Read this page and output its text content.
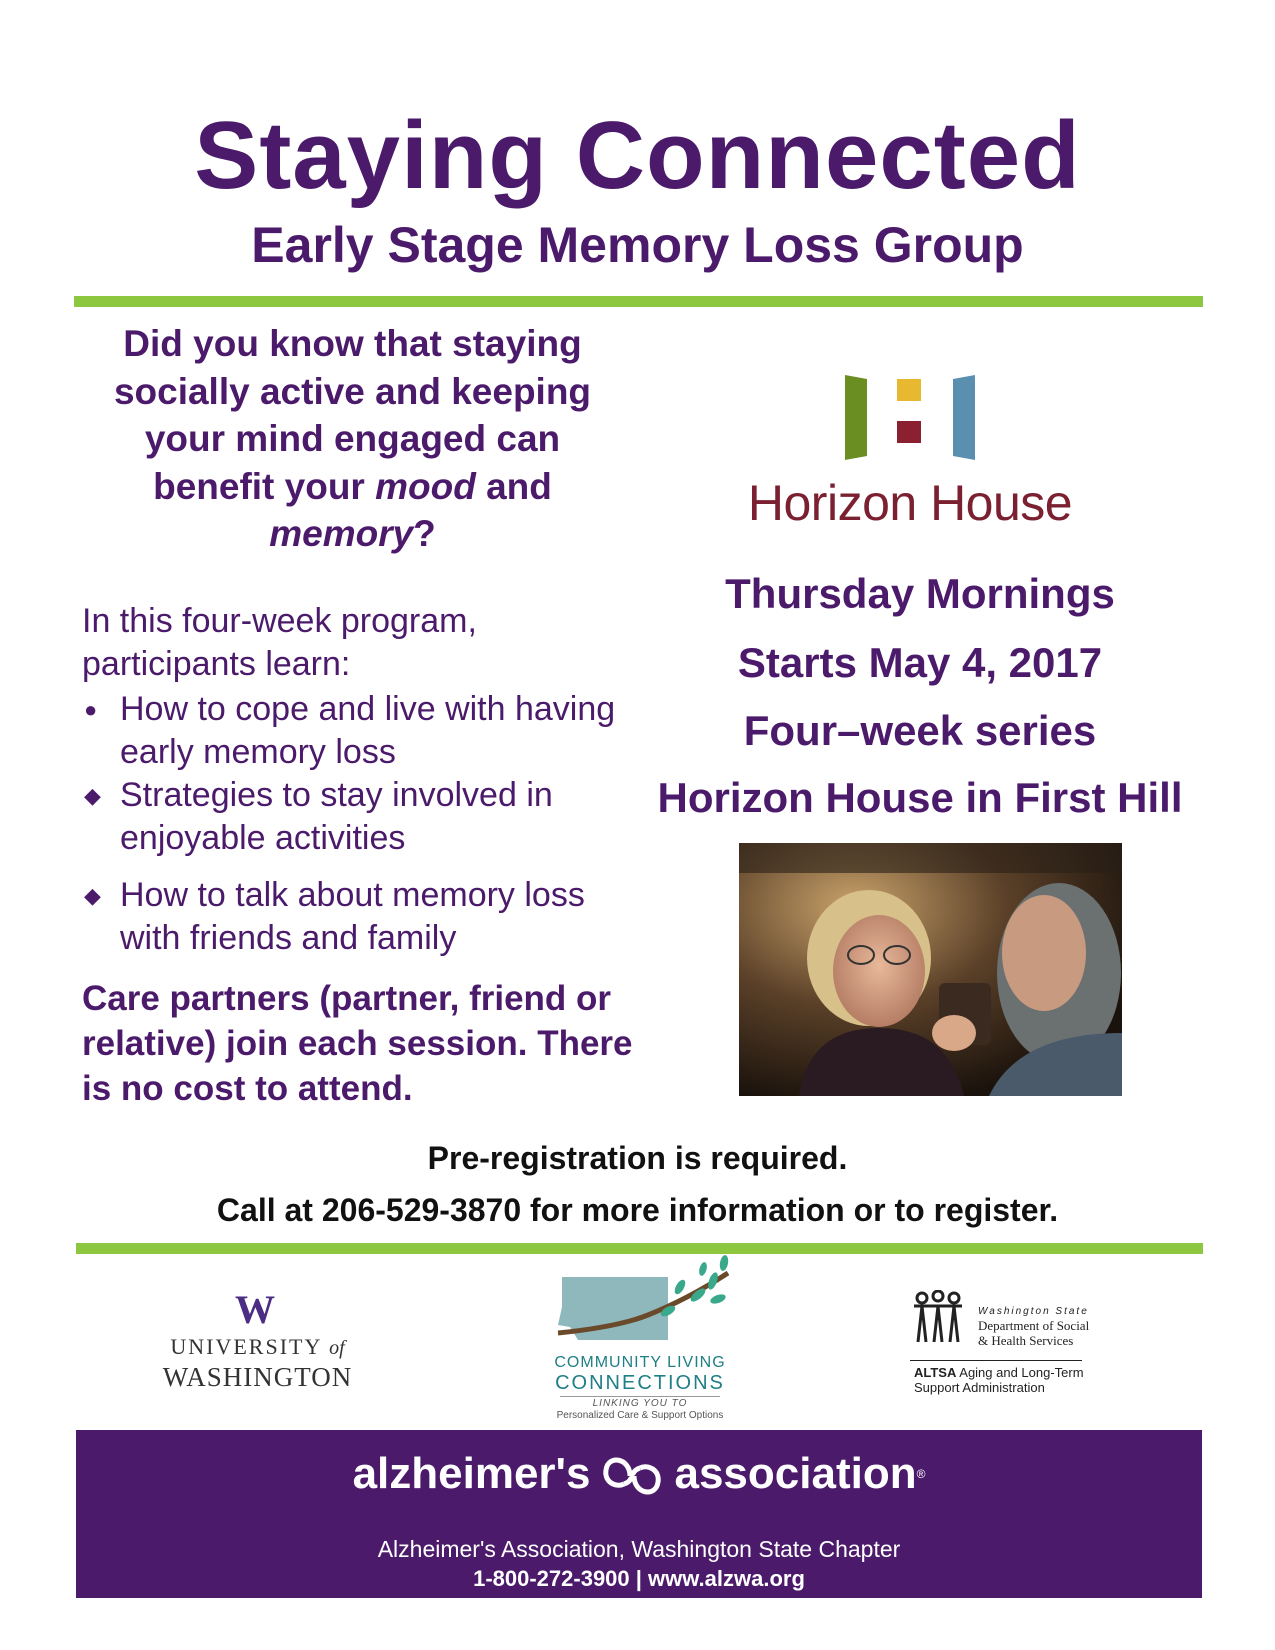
Staying Connected
Early Stage Memory Loss Group
Did you know that staying socially active and keeping your mind engaged can benefit your mood and memory?
In this four-week program, participants learn:
● How to cope and live with having early memory loss
◆ Strategies to stay involved in enjoyable activities
◆ How to talk about memory loss with friends and family
Care partners (partner, friend or relative) join each session. There is no cost to attend.
Horizon House
Thursday Mornings
Starts May 4, 2017
Four–week series
Horizon House in First Hill
Pre-registration is required.
Call at 206-529-3870 for more information or to register.
W
UNIVERSITY of
WASHINGTON	COMMUNITY LIVING
CONNECTIONS
LINKING YOU TO
Personalized Care & Support Options
Washington State
Department of Social
& Health Services
ALTSA Aging and Long-Term
Support Administration
alzheimer's association®
Alzheimer's Association, Washington State Chapter
1-800-272-3900 | www.alzwa.org
